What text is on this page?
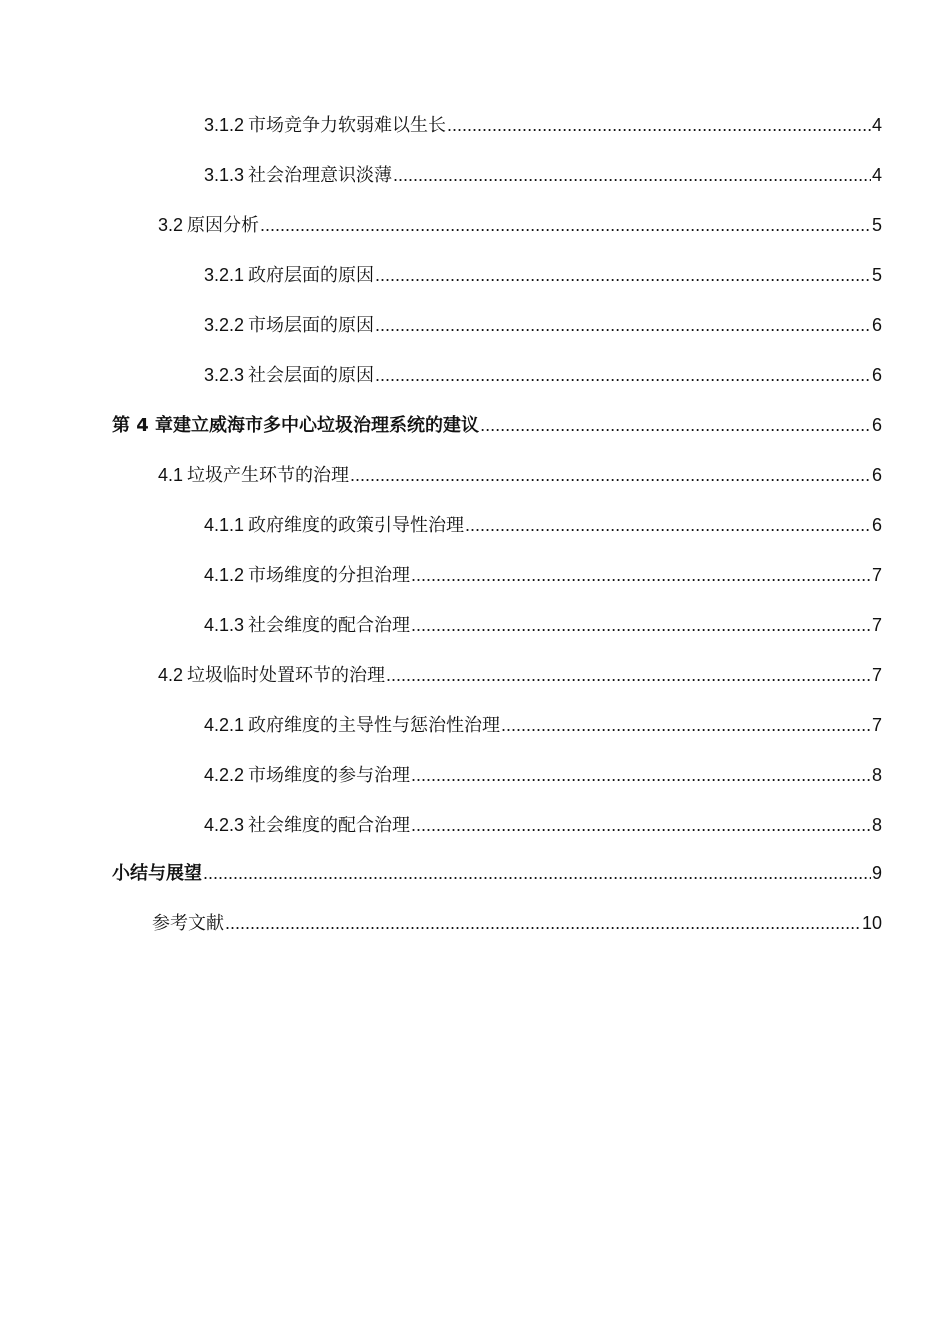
3.1.2 市场竞争力软弱难以生长 .....	4
3.1.3 社会治理意识淡薄 .....	4
3.2 原因分析 .....	5
3.2.1 政府层面的原因 .....	5
3.2.2 市场层面的原因 .....	6
3.2.3 社会层面的原因 .....	6
第 4 章建立威海市多中心垃圾治理系统的建议 .....	6
4.1 垃圾产生环节的治理 .....	6
4.1.1 政府维度的政策引导性治理 .....	6
4.1.2 市场维度的分担治理 .....	7
4.1.3 社会维度的配合治理 .....	7
4.2 垃圾临时处置环节的治理 .....	7
4.2.1 政府维度的主导性与惩治性治理 .....	7
4.2.2 市场维度的参与治理 .....	8
4.2.3 社会维度的配合治理 .....	8
小结与展望 .....	9
参考文献 .....	10
